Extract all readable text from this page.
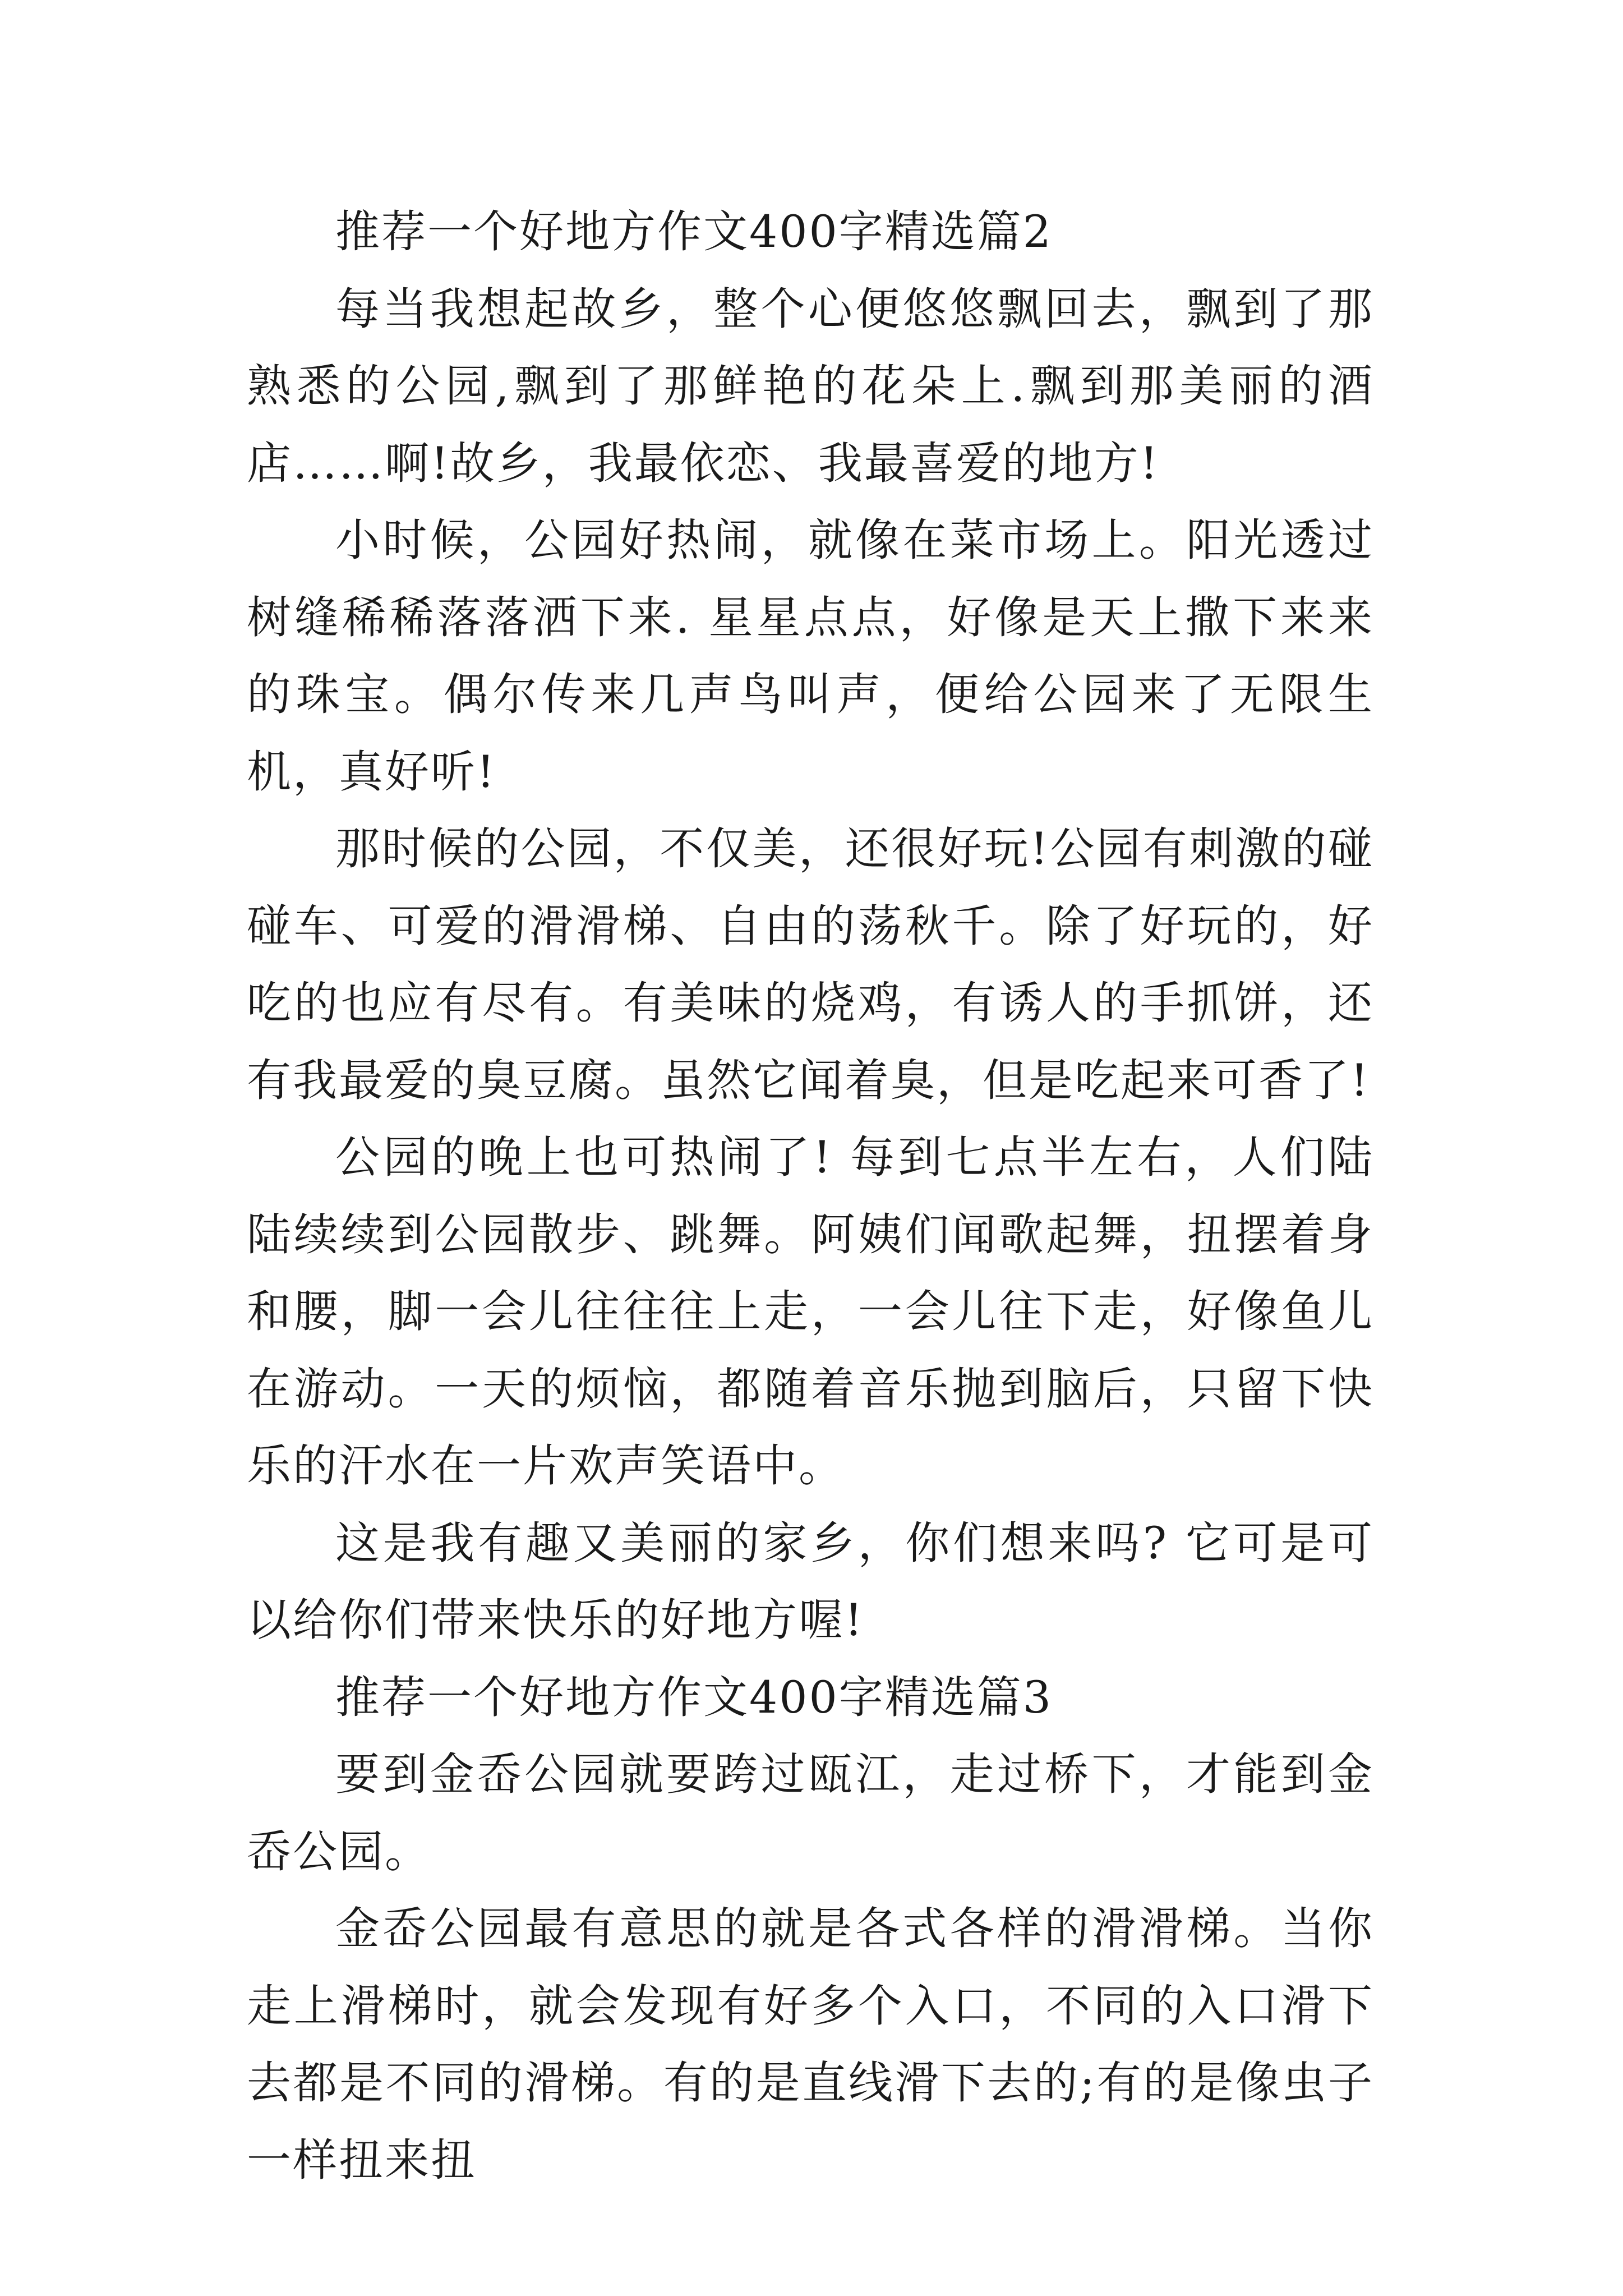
推荐一个好地方作文400字精选篇2

每当我想起故乡，整个心便悠悠飘回去，飘到了那熟悉的公园,飘到了那鲜艳的花朵上.飘到那美丽的酒店……啊!故乡，我最依恋、我最喜爱的地方!

小时候，公园好热闹，就像在菜市场上。阳光透过树缝稀稀落落洒下来. 星星点点，好像是天上撒下来来的珠宝。偶尔传来几声鸟叫声，便给公园来了无限生机，真好听!

那时候的公园，不仅美，还很好玩!公园有刺激的碰碰车、可爱的滑滑梯、自由的荡秋千。除了好玩的，好吃的也应有尽有。有美味的烧鸡，有诱人的手抓饼，还有我最爱的臭豆腐。虽然它闻着臭，但是吃起来可香了!

公园的晚上也可热闹了! 每到七点半左右，人们陆陆续续到公园散步、跳舞。阿姨们闻歌起舞，扭摆着身和腰，脚一会儿往往往上走，一会儿往下走，好像鱼儿在游动。一天的烦恼，都随着音乐抛到脑后，只留下快乐的汗水在一片欢声笑语中。

这是我有趣又美丽的家乡，你们想来吗? 它可是可以给你们带来快乐的好地方喔!

推荐一个好地方作文400字精选篇3

要到金岙公园就要跨过瓯江，走过桥下，才能到金岙公园。

金岙公园最有意思的就是各式各样的滑滑梯。当你走上滑梯时，就会发现有好多个入口，不同的入口滑下去都是不同的滑梯。有的是直线滑下去的;有的是像虫子一样扭来扭
